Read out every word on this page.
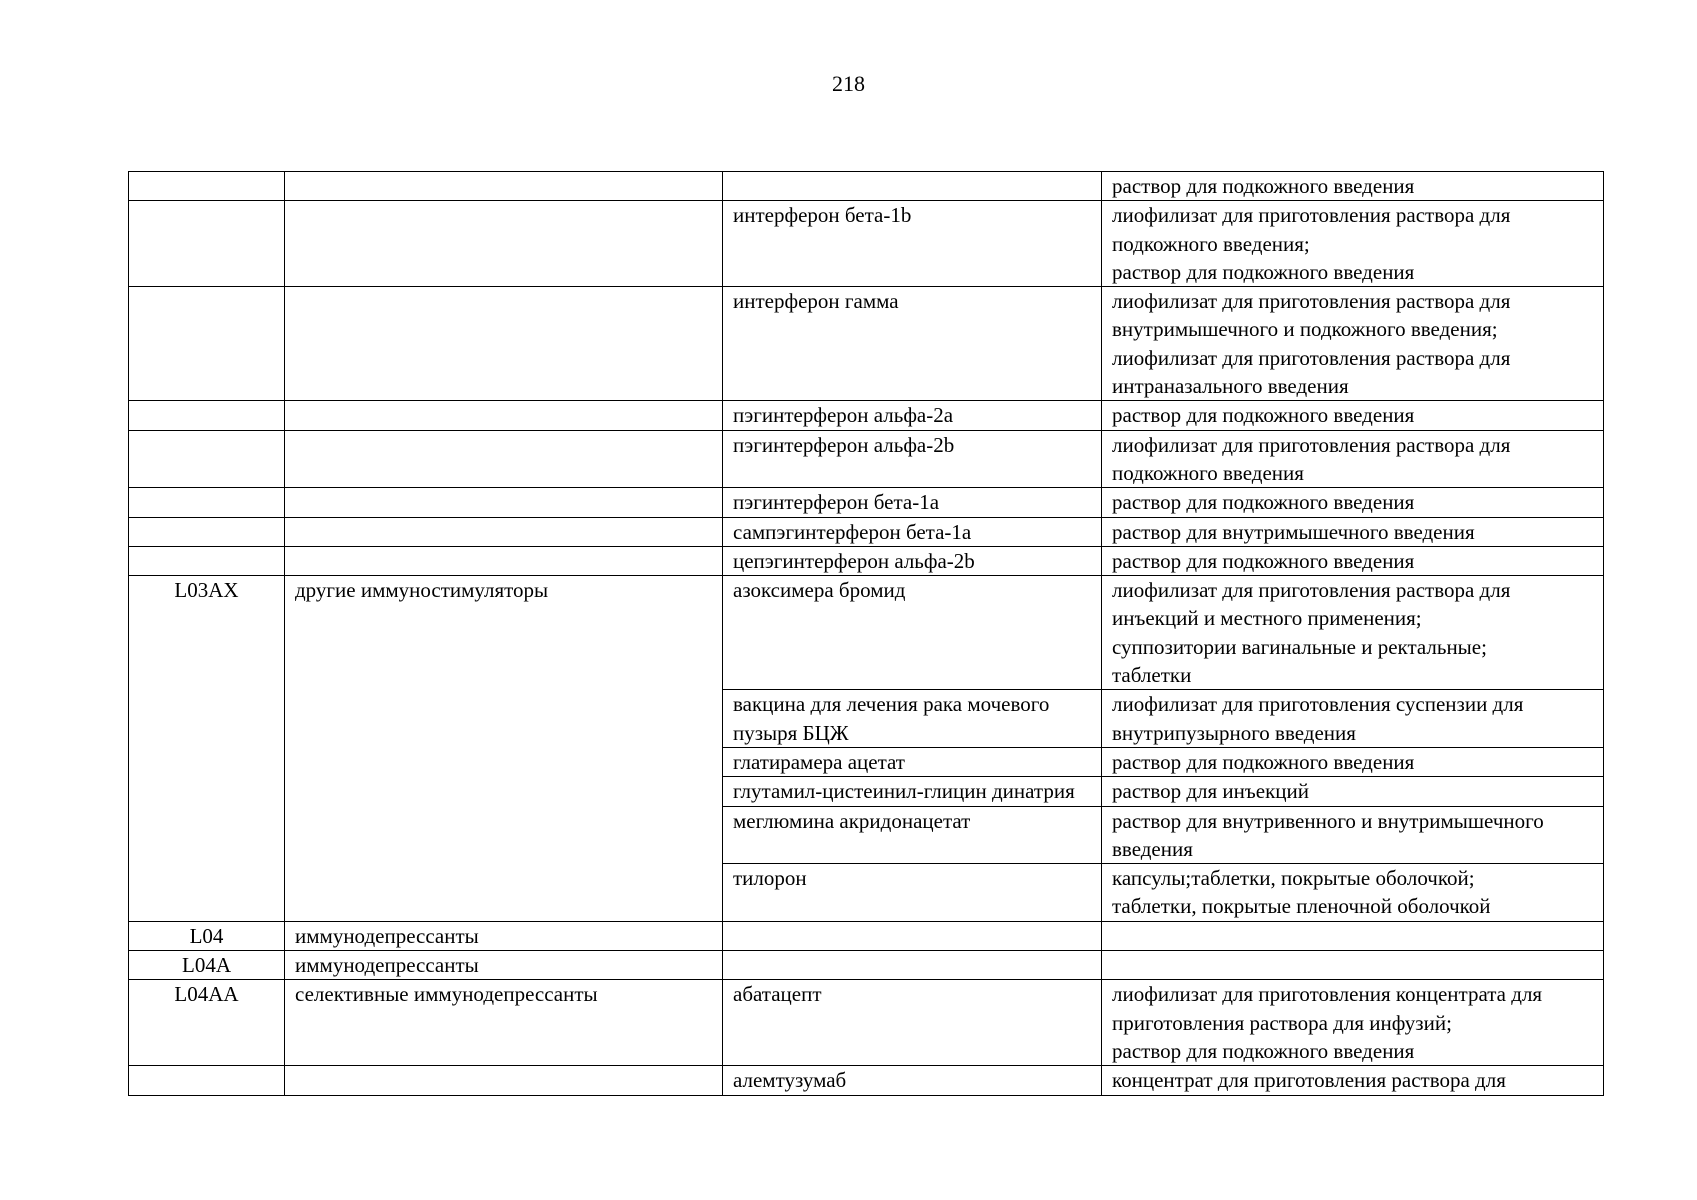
218
			раствор для подкожного введения
		интерферон бета-1b	лиофилизат для приготовления раствора для подкожного введения;
раствор для подкожного введения
		интерферон гамма	лиофилизат для приготовления раствора для внутримышечного и подкожного введения;
лиофилизат для приготовления раствора для интраназального введения
		пэгинтерферон альфа-2a	раствор для подкожного введения
		пэгинтерферон альфа-2b	лиофилизат для приготовления раствора для подкожного введения
		пэгинтерферон бета-1a	раствор для подкожного введения
		сампэгинтерферон бета-1a	раствор для внутримышечного введения
		цепэгинтерферон альфа-2b	раствор для подкожного введения
L03AX	другие иммуностимуляторы	азоксимера бромид	лиофилизат для приготовления раствора для инъекций и местного применения;
суппозитории вагинальные и ректальные;
таблетки
		вакцина для лечения рака мочевого пузыря БЦЖ	лиофилизат для приготовления суспензии для внутрипузырного введения
		глатирамера ацетат	раствор для подкожного введения
		глутамил-цистеинил-глицин динатрия	раствор для инъекций
		меглюмина акридонацетат	раствор для внутривенного и внутримышечного введения
		тилорон	капсулы;таблетки, покрытые оболочкой;
таблетки, покрытые пленочной оболочкой
L04	иммунодепрессанты		
L04A	иммунодепрессанты		
L04AA	селективные иммунодепрессанты	абатацепт	лиофилизат для приготовления концентрата для приготовления раствора для инфузий;
раствор для подкожного введения
		алемтузумаб	концентрат для приготовления раствора для
